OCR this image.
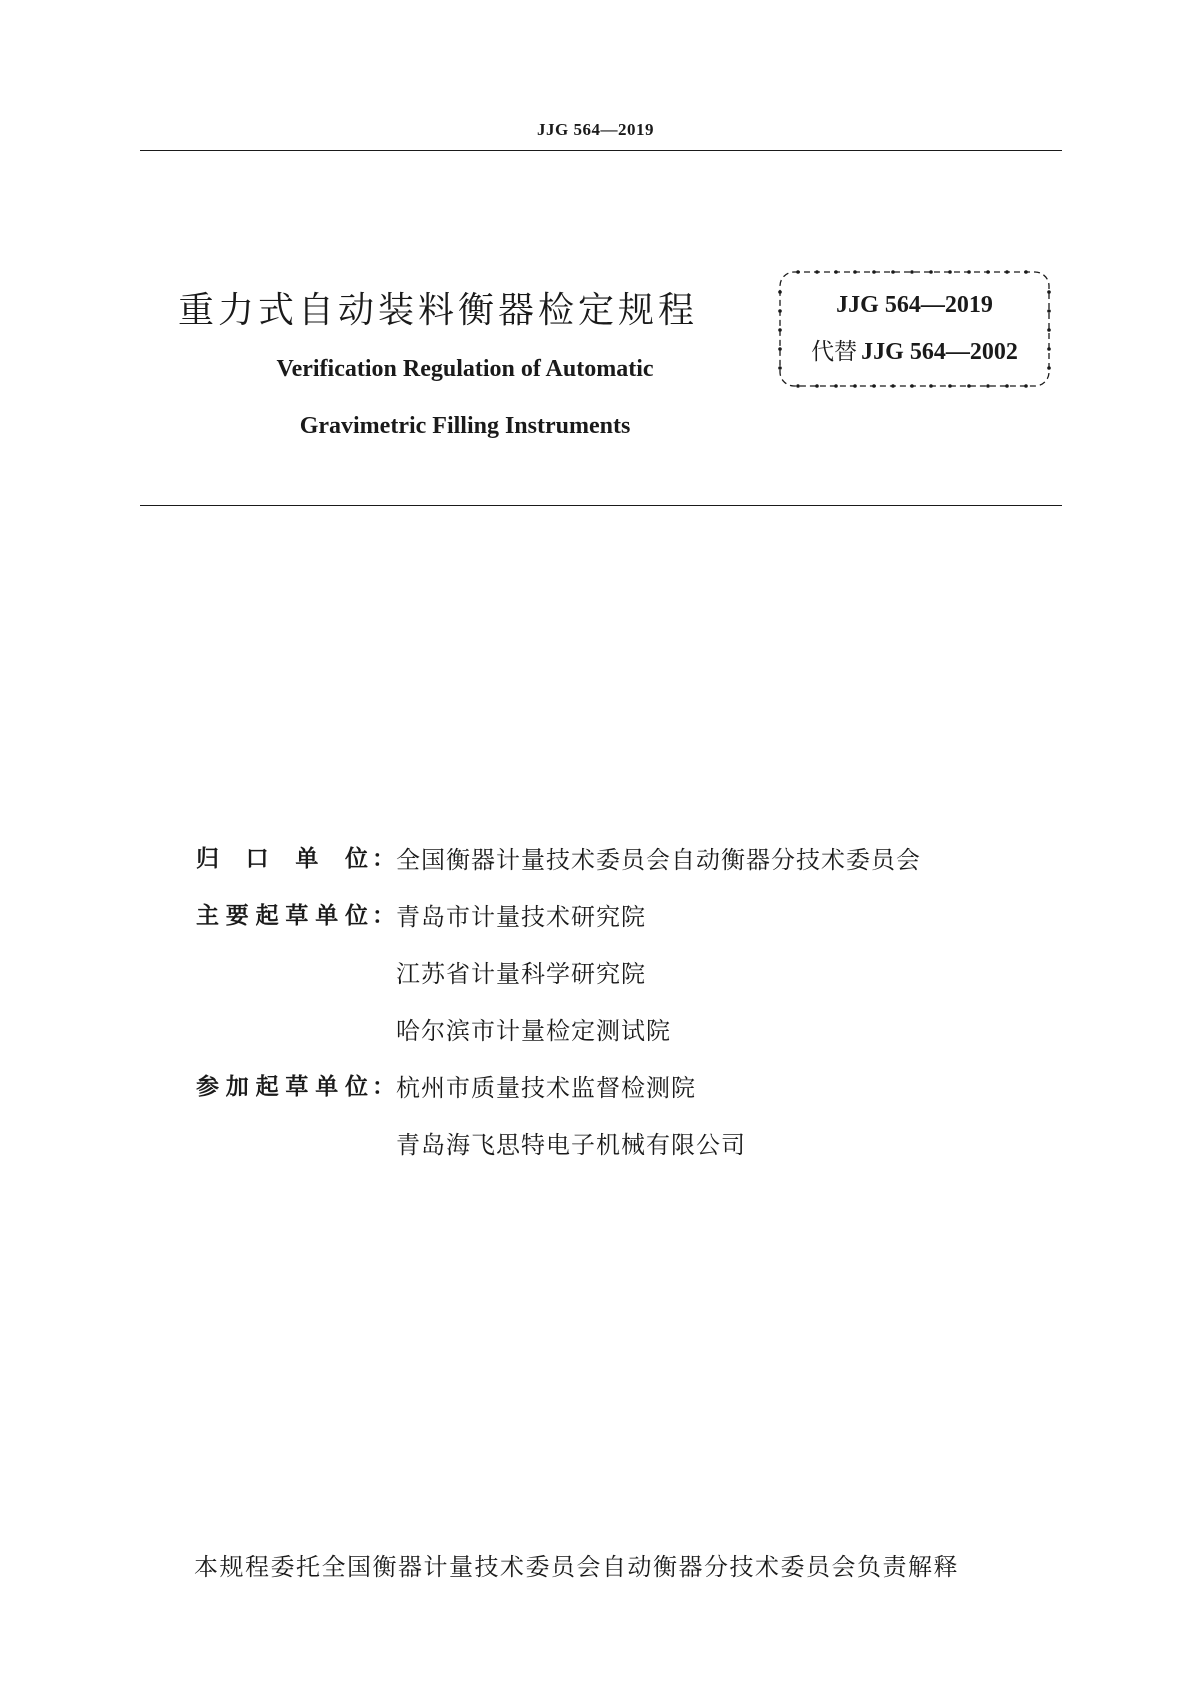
JJG 564—2019
重力式自动装料衡器检定规程
Verification Regulation of Automatic
Gravimetric Filling Instruments
JJG 564—2019
代替 JJG 564—2002
归口单位 ： 全国衡器计量技术委员会自动衡器分技术委员会
主要起草单位 ： 青岛市计量技术研究院
江苏省计量科学研究院
哈尔滨市计量检定测试院
参加起草单位 ： 杭州市质量技术监督检测院
青岛海飞思特电子机械有限公司
本规程委托全国衡器计量技术委员会自动衡器分技术委员会负责解释
